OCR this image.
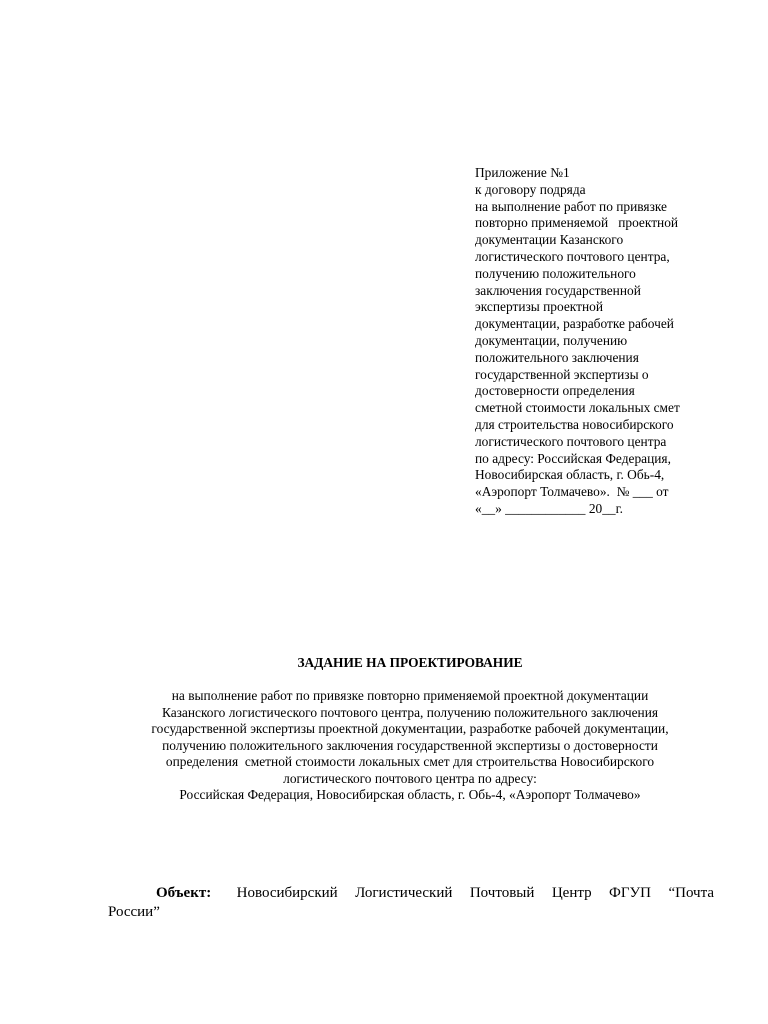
Приложение №1
к договору подряда
на выполнение работ по привязке
повторно применяемой   проектной
документации Казанского
логистического почтового центра,
получению положительного
заключения государственной
экспертизы проектной
документации, разработке рабочей
документации, получению
положительного заключения
государственной экспертизы о
достоверности определения
сметной стоимости локальных смет
для строительства новосибирского
логистического почтового центра
по адресу: Российская Федерация,
Новосибирская область, г. Обь-4,
«Аэропорт Толмачево».  № ___ от
«__» ____________ 20__г.
ЗАДАНИЕ НА ПРОЕКТИРОВАНИЕ
на выполнение работ по привязке повторно применяемой проектной документации
Казанского логистического почтового центра, получению положительного заключения
государственной экспертизы проектной документации, разработке рабочей документации,
получению положительного заключения государственной экспертизы о достоверности
определения  сметной стоимости локальных смет для строительства Новосибирского
логистического почтового центра по адресу:
Российская Федерация, Новосибирская область, г. Обь-4, «Аэропорт Толмачево»
Объект: Новосибирский Логистический Почтовый Центр ФГУП “Почта
России”
